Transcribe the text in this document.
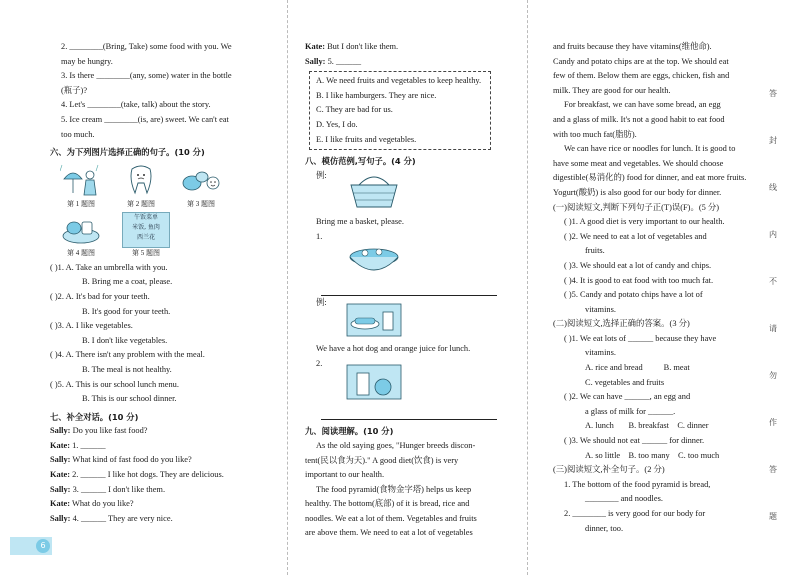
2. ________(Bring, Take) some food with you. We
may be hungry.
3. Is there ________(any, some) water in the bottle
(瓶子)?
4. Let's ________(take, talk) about the story.
5. Ice cream ________(is, are) sweet. We can't eat
too much.
六、为下列图片选择正确的句子。(10 分)
第 1 题图	第 2 题图	第 3 题图
第 4 题图
午饭菜单
米饭, 鱼肉
西兰花
第 5 题图
( )1. A. Take an umbrella with you.
B. Bring me a coat, please.
( )2. A. It's bad for your teeth.
B. It's good for your teeth.
( )3. A. I like vegetables.
B. I don't like vegetables.
( )4. A. There isn't any problem with the meal.
B. The meal is not healthy.
( )5. A. This is our school lunch menu.
B. This is our school dinner.
七、补全对话。(10 分)
Sally: Do you like fast food?
Kate: 1. ______
Sally: What kind of fast food do you like?
Kate: 2. ______ I like hot dogs. They are delicious.
Sally: 3. ______ I don't like them.
Kate: What do you like?
Sally: 4. ______ They are very nice.
Kate: But I don't like them.
Sally: 5. ______
A. We need fruits and vegetables to keep healthy.
B. I like hamburgers. They are nice.
C. They are bad for us.
D. Yes, I do.
E. I like fruits and vegetables.
八、模仿范例,写句子。(4 分)
例:
Bring me a basket, please.
1.
例:
We have a hot dog and orange juice for lunch.
2.
九、阅读理解。(10 分)
As the old saying goes, "Hunger breeds discon-
tent(民以食为天)." A good diet(饮食) is very
important to our health.
The food pyramid(食物金字塔) helps us keep
healthy. The bottom(底部) of it is bread, rice and
noodles. We eat a lot of them. Vegetables and fruits
are above them. We need to eat a lot of vegetables
and fruits because they have vitamins(维他命).
Candy and potato chips are at the top. We should eat
few of them. Below them are eggs, chicken, fish and
milk. They are good for our health.
For breakfast, we can have some bread, an egg
and a glass of milk. It's not a good habit to eat food
with too much fat(脂肪).
We can have rice or noodles for lunch. It is good to
have some meat and vegetables. We should choose
digestible(易消化的) food for dinner, and eat more fruits.
Yogurt(酸奶) is also good for our body for dinner.
(一)阅读短文,判断下列句子正(T)误(F)。(5 分)
( )1. A good diet is very important to our health.
( )2. We need to eat a lot of vegetables and
fruits.
( )3. We should eat a lot of candy and chips.
( )4. It is good to eat food with too much fat.
( )5. Candy and potato chips have a lot of
vitamins.
(二)阅读短文,选择正确的答案。(3 分)
( )1. We eat lots of ______ because they have
vitamins.
A. rice and bread          B. meat
C. vegetables and fruits
( )2. We can have ______, an egg and
a glass of milk for ______.
A. lunch       B. breakfast    C. dinner
( )3. We should not eat ______ for dinner.
A. so little    B. too many    C. too much
(三)阅读短文,补全句子。(2 分)
1. The bottom of the food pyramid is bread,
________ and noodles.
2. ________ is very good for our body for
dinner, too.
答
封
线
内
不
请
勿
作
答
题
6
